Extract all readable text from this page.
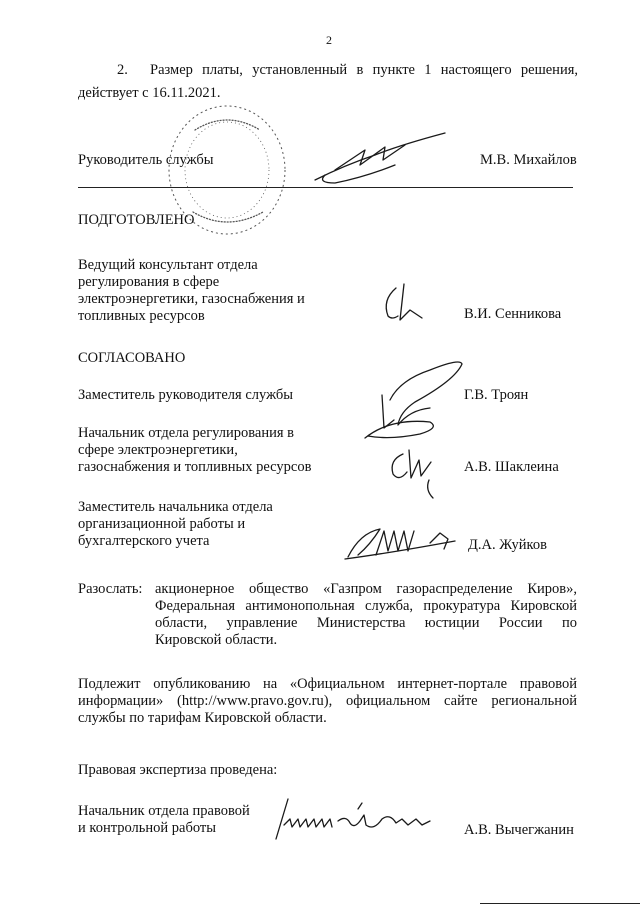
2
2. Размер платы, установленный в пункте 1 настоящего решения,
действует с 16.11.2021.
Руководитель службы	М.В. Михайлов
ПОДГОТОВЛЕНО
Ведущий консультант отдела
регулирования в сфере
электроэнергетики, газоснабжения и
топливных ресурсов	В.И. Сенникова
СОГЛАСОВАНО
Заместитель руководителя службы	Г.В. Троян
Начальник отдела регулирования в
сфере электроэнергетики,
газоснабжения и топливных ресурсов	А.В. Шаклеина
Заместитель начальника отдела
организационной работы и
бухгалтерского учета	Д.А. Жуйков
Разослать: акционерное общество «Газпром газораспределение Киров»,
Федеральная антимонопольная служба, прокуратура Кировской
области, управление Министерства юстиции России по
Кировской области.
Подлежит опубликованию на «Официальном интернет-портале правовой
информации» (http://www.pravo.gov.ru), официальном сайте региональной
службы по тарифам Кировской области.
Правовая экспертиза проведена:
Начальник отдела правовой
и контрольной работы	А.В. Вычегжанин
